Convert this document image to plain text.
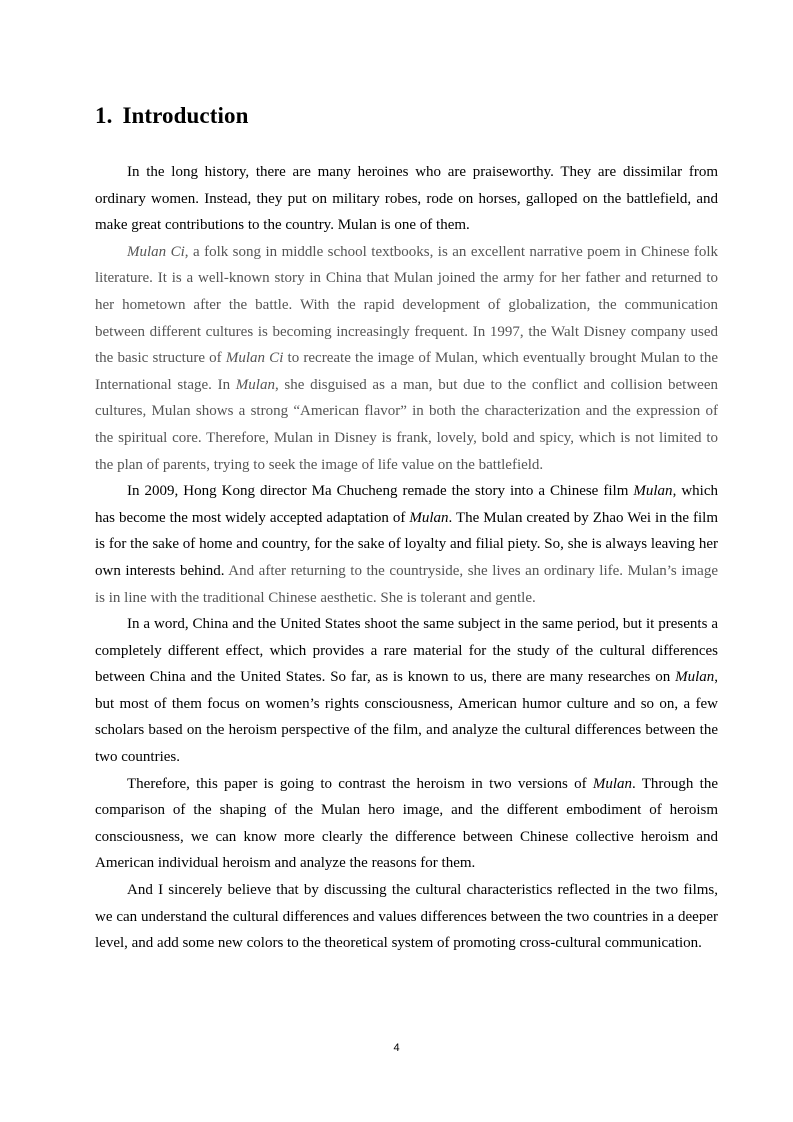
1. Introduction

In the long history, there are many heroines who are praiseworthy. They are dissimilar from ordinary women. Instead, they put on military robes, rode on horses, galloped on the battlefield, and make great contributions to the country. Mulan is one of them.

Mulan Ci, a folk song in middle school textbooks, is an excellent narrative poem in Chinese folk literature. It is a well-known story in China that Mulan joined the army for her father and returned to her hometown after the battle. With the rapid development of globalization, the communication between different cultures is becoming increasingly frequent. In 1997, the Walt Disney company used the basic structure of Mulan Ci to recreate the image of Mulan, which eventually brought Mulan to the International stage. In Mulan, she disguised as a man, but due to the conflict and collision between cultures, Mulan shows a strong “American flavor” in both the characterization and the expression of the spiritual core. Therefore, Mulan in Disney is frank, lovely, bold and spicy, which is not limited to the plan of parents, trying to seek the image of life value on the battlefield.

In 2009, Hong Kong director Ma Chucheng remade the story into a Chinese film Mulan, which has become the most widely accepted adaptation of Mulan. The Mulan created by Zhao Wei in the film is for the sake of home and country, for the sake of loyalty and filial piety. So, she is always leaving her own interests behind. And after returning to the countryside, she lives an ordinary life. Mulan’s image is in line with the traditional Chinese aesthetic. She is tolerant and gentle.

In a word, China and the United States shoot the same subject in the same period, but it presents a completely different effect, which provides a rare material for the study of the cultural differences between China and the United States. So far, as is known to us, there are many researches on Mulan, but most of them focus on women’s rights consciousness, American humor culture and so on, a few scholars based on the heroism perspective of the film, and analyze the cultural differences between the two countries.

Therefore, this paper is going to contrast the heroism in two versions of Mulan. Through the comparison of the shaping of the Mulan hero image, and the different embodiment of heroism consciousness, we can know more clearly the difference between Chinese collective heroism and American individual heroism and analyze the reasons for them.

And I sincerely believe that by discussing the cultural characteristics reflected in the two films, we can understand the cultural differences and values differences between the two countries in a deeper level, and add some new colors to the theoretical system of promoting cross-cultural communication.

4
